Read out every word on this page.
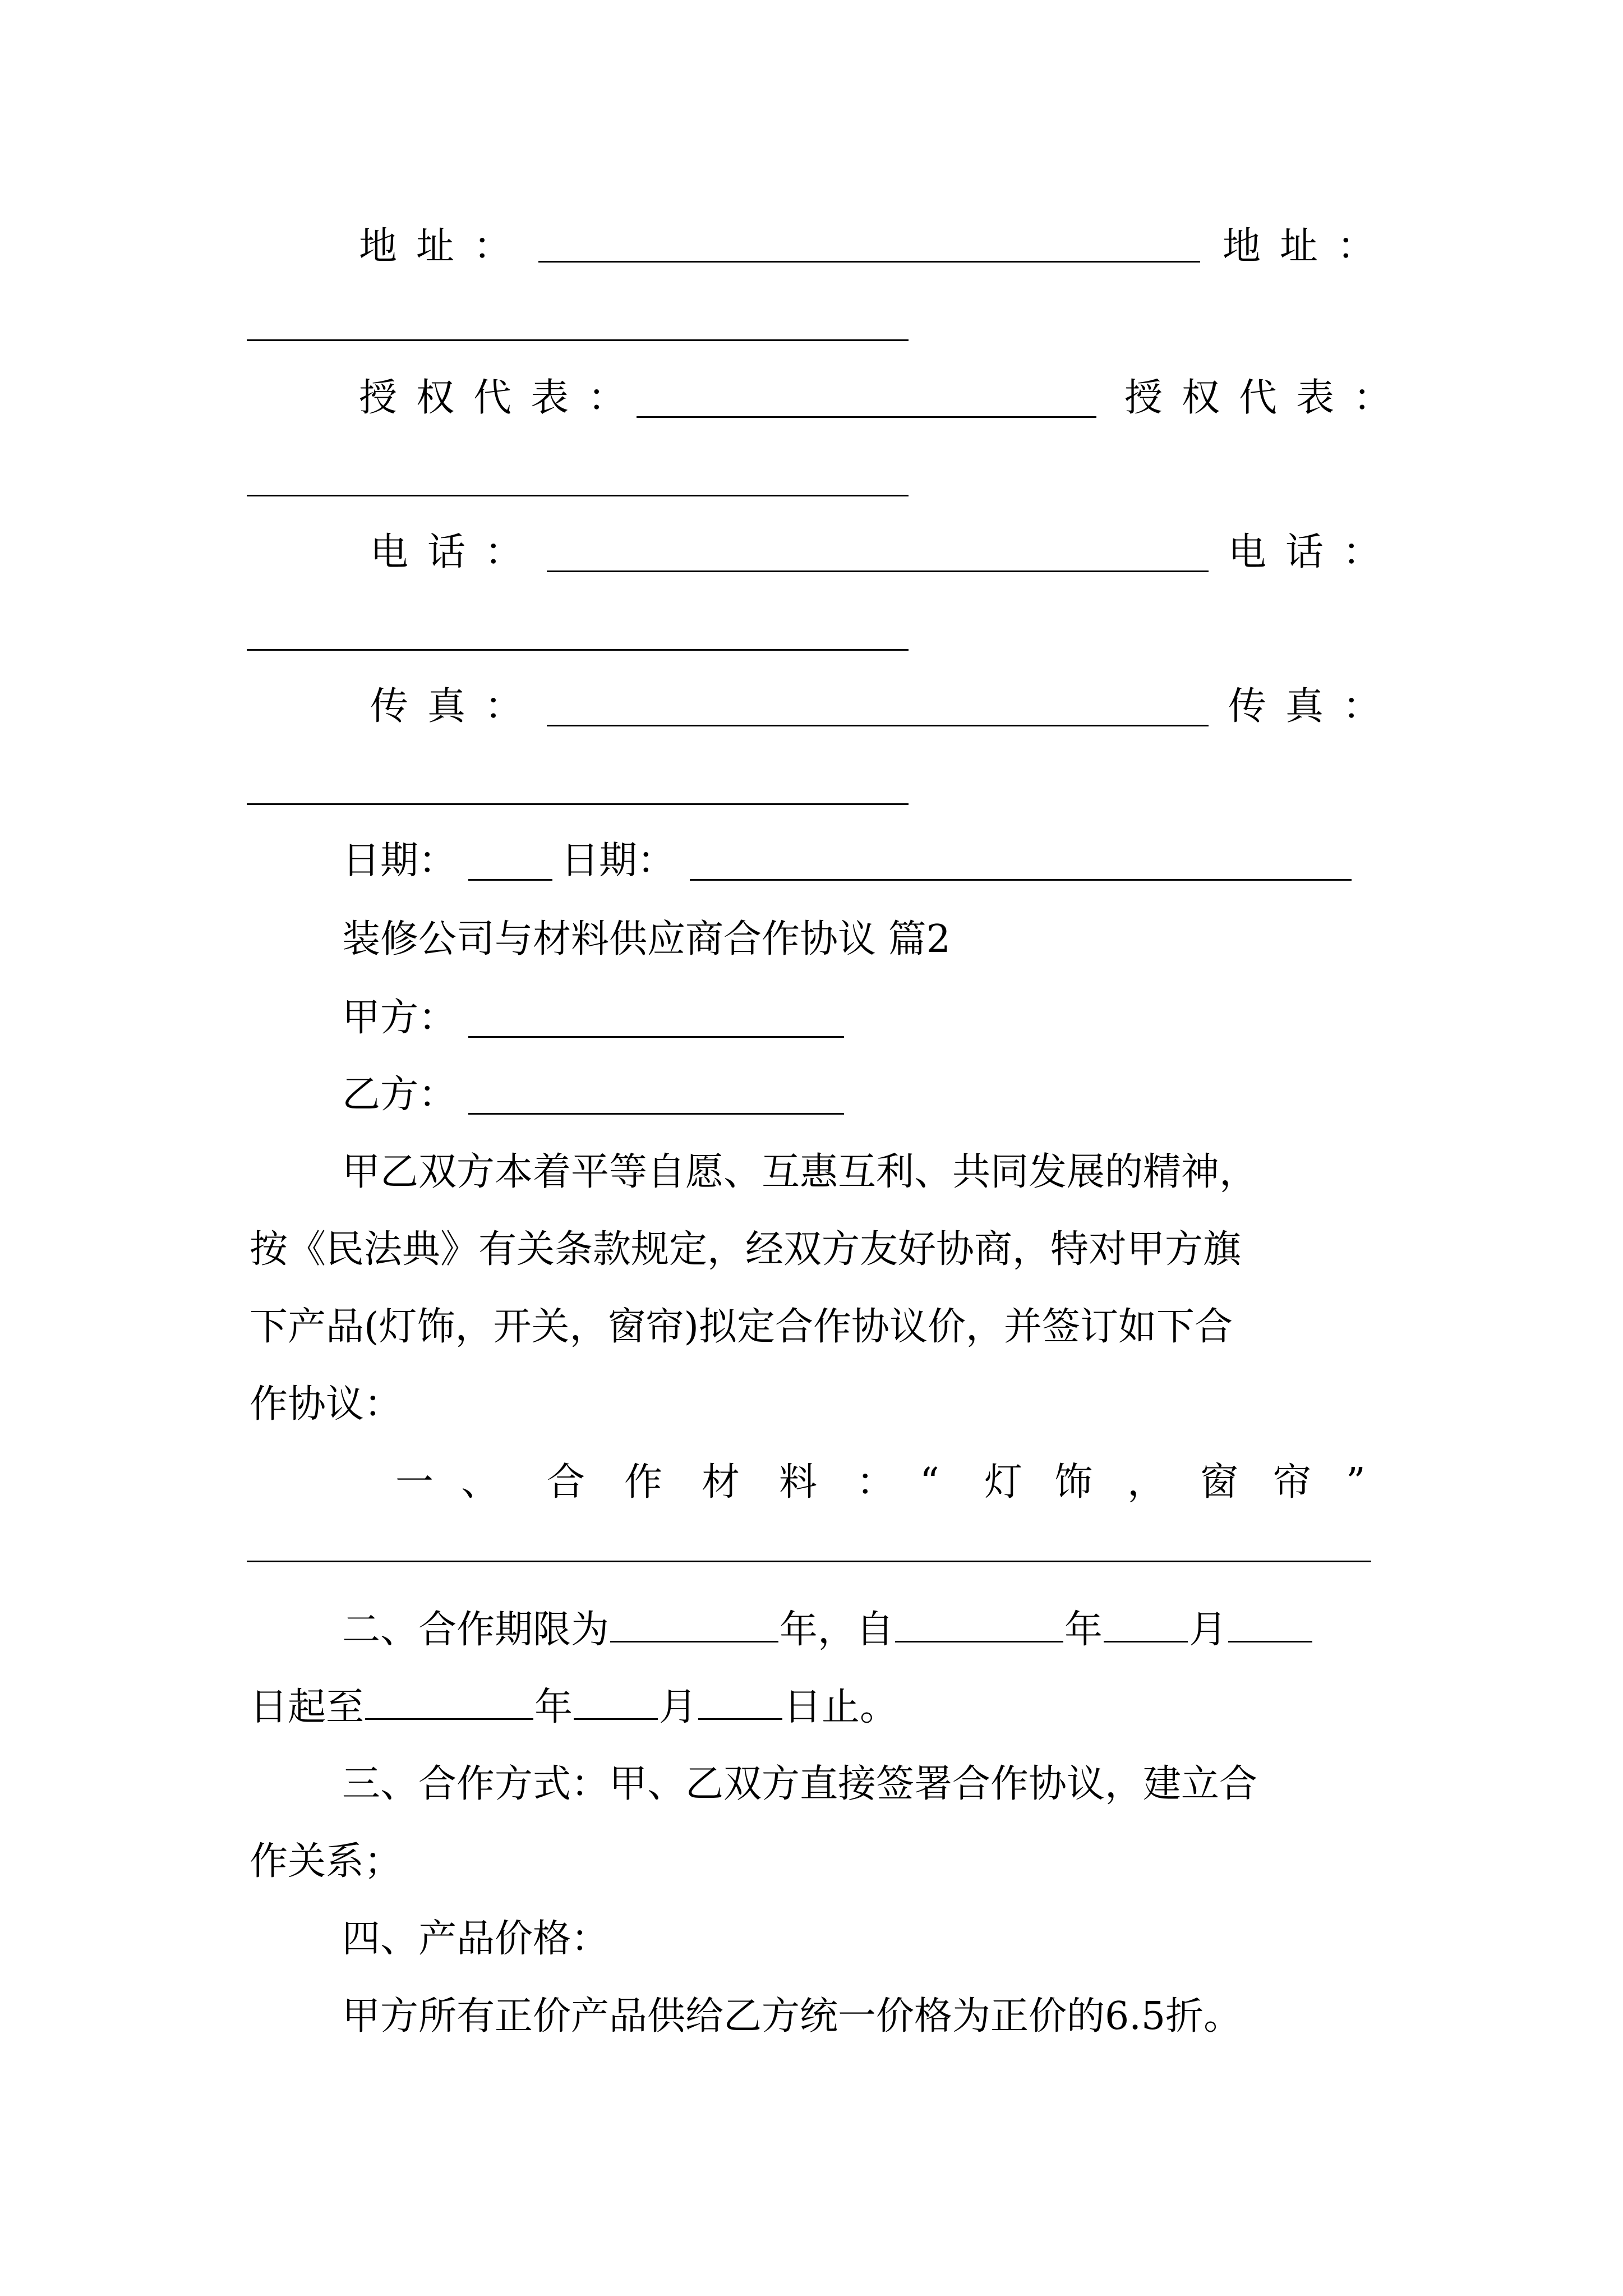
地址：	地址：
授权代表：	授权代表：
电话：	电话：
传真：	传真：
日期：	日期：
装修公司与材料供应商合作协议 篇2
甲方：
乙方：
甲乙双方本着平等自愿、互惠互利、共同发展的精神，
按《民法典》有关条款规定，经双方友好协商，特对甲方旗
下产品(灯饰，开关，窗帘)拟定合作协议价，并签订如下合
作协议：
一 、 合 作 材 料 ： “ 灯 饰 ， 窗 帘 ”
二、合作期限为	年，自	年 月
日起至	年 月 日止。
三、合作方式：甲、乙双方直接签署合作协议，建立合
作关系；
四、产品价格：
甲方所有正价产品供给乙方统一价格为正价的6.5折。
